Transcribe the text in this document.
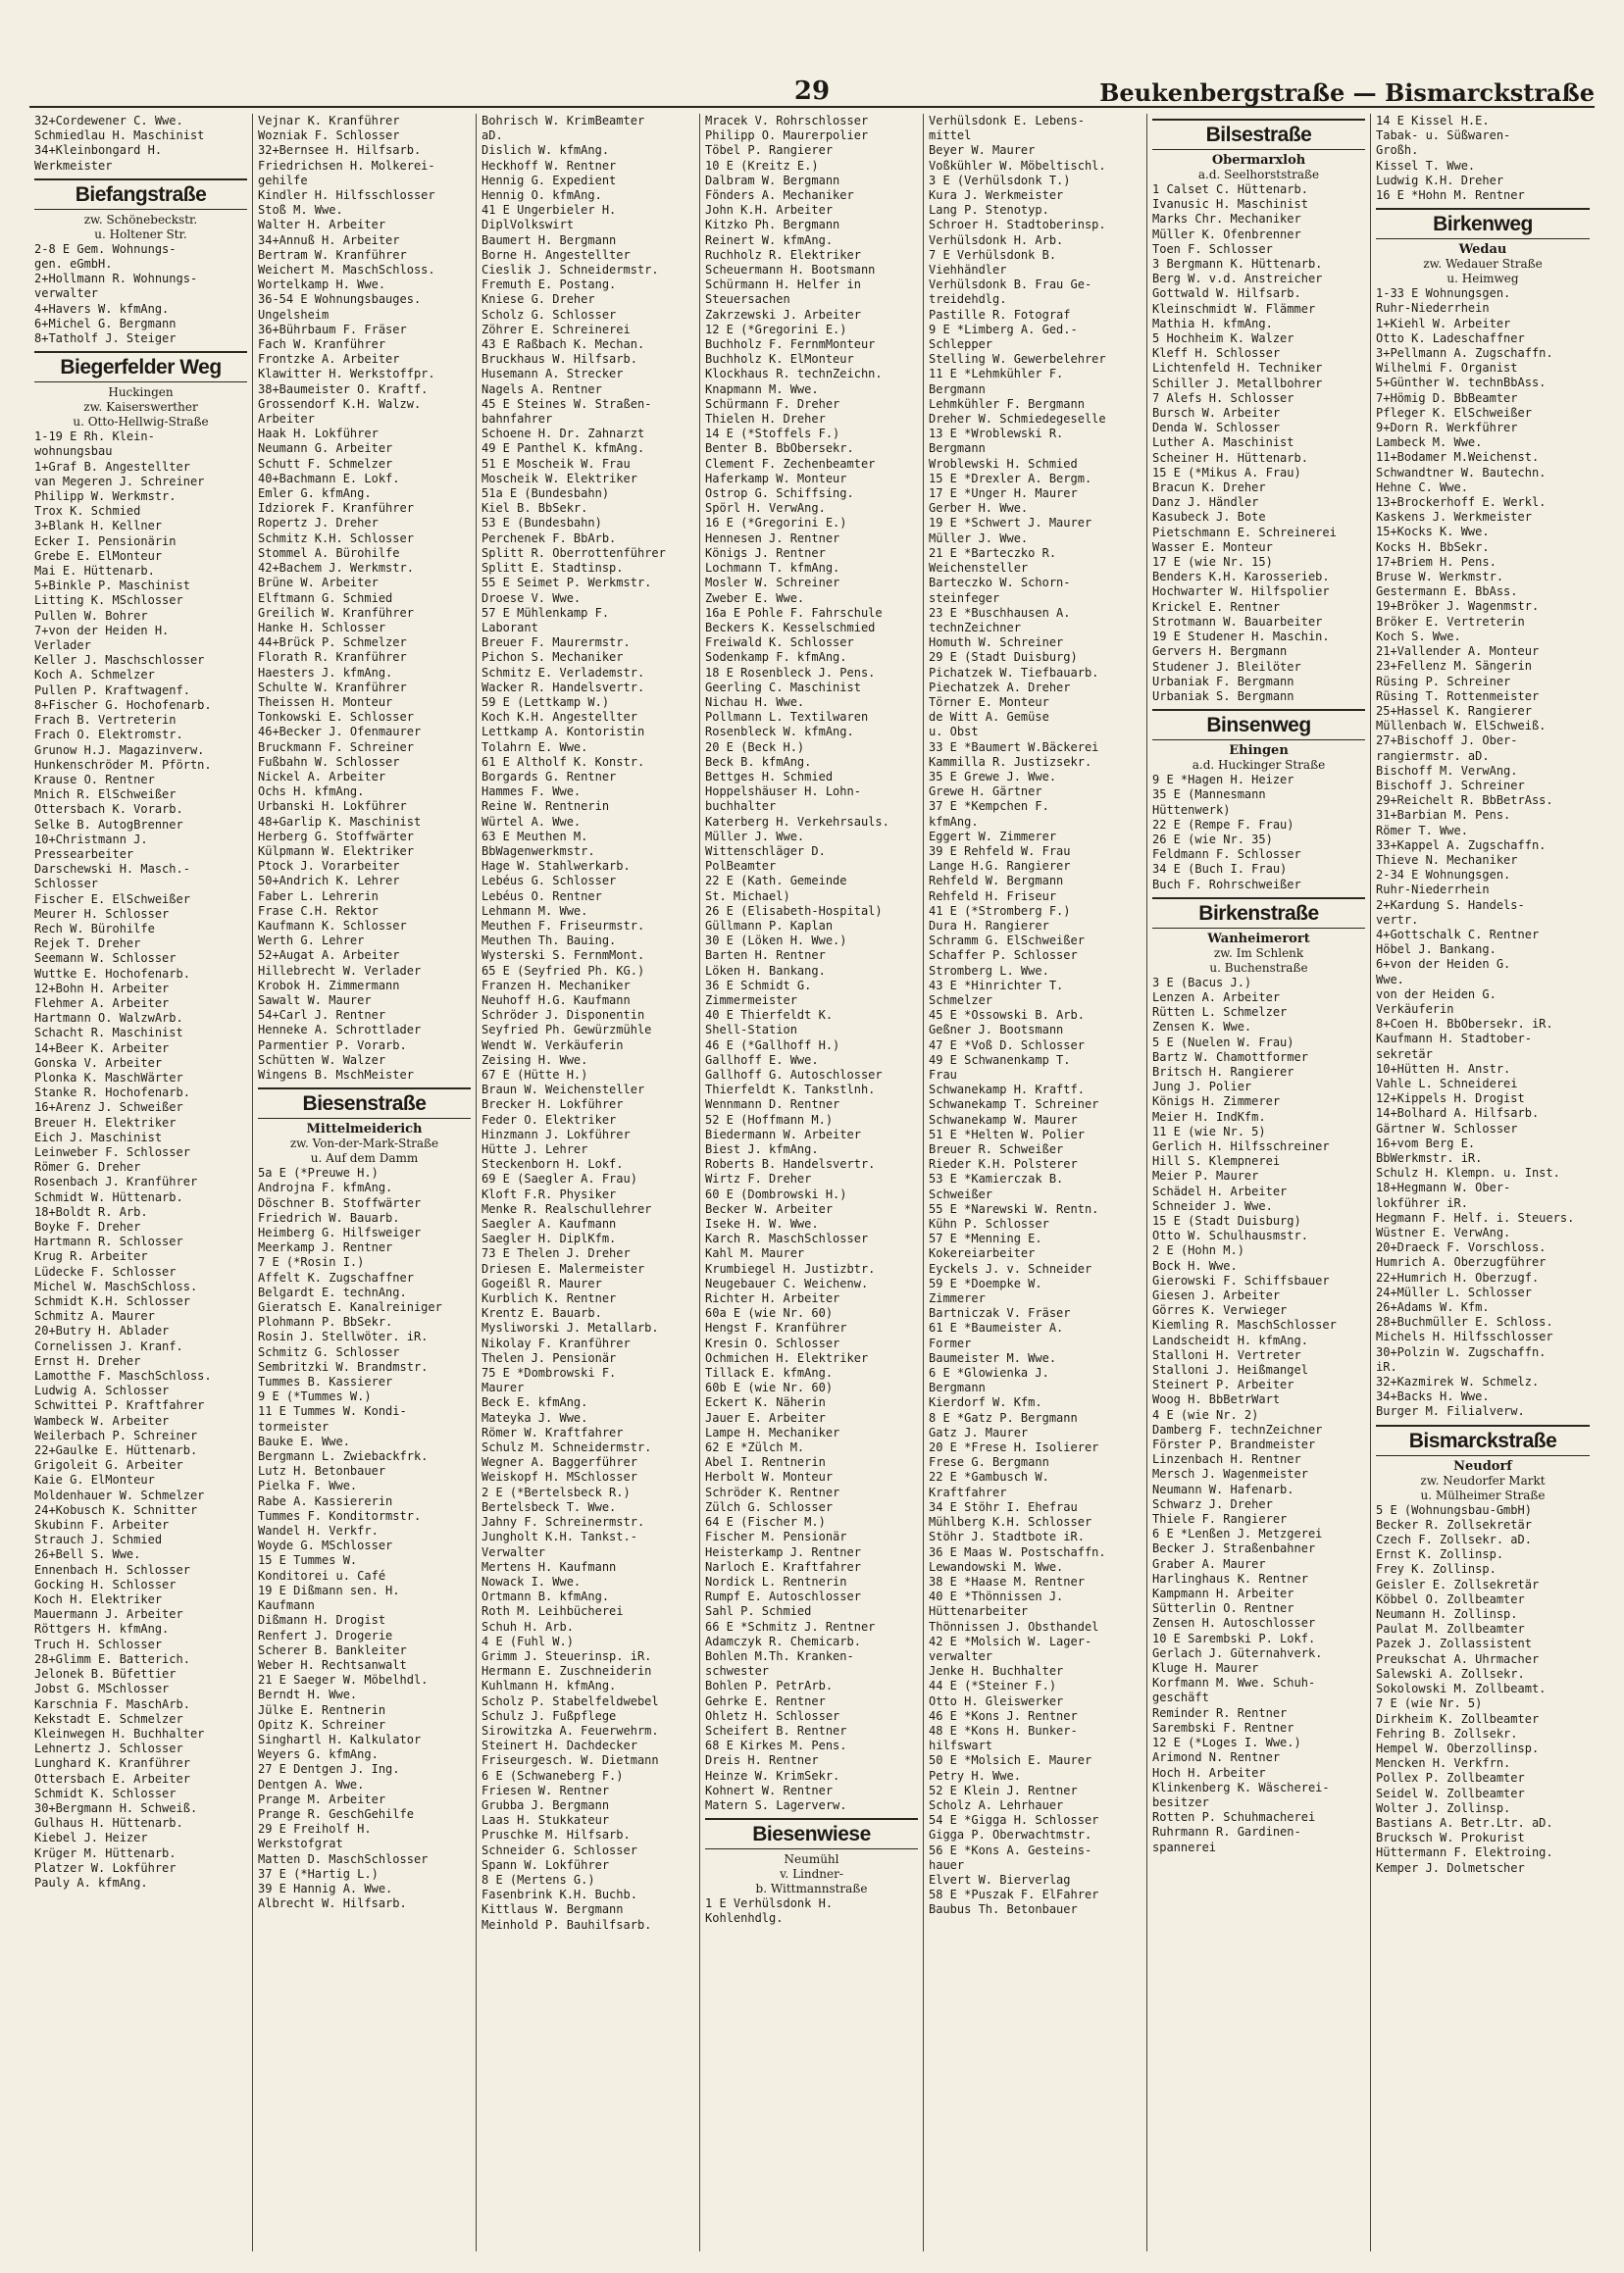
29	Beukenbergstraße — Bismarckstraße
32+Cordewener C. Wwe.
Schmiedlau H. Maschinist
34+Kleinbongard H.
Werkmeister
Biefangstraße
zw. Schönebeckstr.
u. Holtener Str.
2-8 E Gem. Wohnungs-
gen. eGmbH.
2+Hollmann R. Wohnungs-
verwalter
4+Havers W. kfmAng.
6+Michel G. Bergmann
8+Tatholf J. Steiger
Biegerfelder Weg
Huckingen
zw. Kaiserswerther
u. Otto-Hellwig-Straße
1-19 E Rh. Klein-
wohnungsbau
1+Graf B. Angestellter
van Megeren J. Schreiner
Philipp W. Werkmstr.
Trox K. Schmied
3+Blank H. Kellner
Ecker I. Pensionärin
Grebe E. ElMonteur
Mai E. Hüttenarb.
5+Binkle P. Maschinist
Litting K. MSchlosser
Pullen W. Bohrer
7+von der Heiden H.
Verlader
Keller J. Maschschlosser
Koch A. Schmelzer
Pullen P. Kraftwagenf.
8+Fischer G. Hochofenarb.
Frach B. Vertreterin
Frach O. Elektromstr.
Grunow H.J. Magazinverw.
Hunkenschröder M. Pförtn.
Krause O. Rentner
Mnich R. ElSchweißer
Ottersbach K. Vorarb.
Selke B. AutogBrenner
10+Christmann J.
Pressearbeiter
Darschewski H. Masch.-
Schlosser
Fischer E. ElSchweißer
Meurer H. Schlosser
Rech W. Bürohilfe
Rejek T. Dreher
Seemann W. Schlosser
Wuttke E. Hochofenarb.
12+Bohn H. Arbeiter
Flehmer A. Arbeiter
Hartmann O. WalzwArb.
Schacht R. Maschinist
14+Beer K. Arbeiter
Gonska V. Arbeiter
Plonka K. MaschWärter
Stanke R. Hochofenarb.
16+Arenz J. Schweißer
Breuer H. Elektriker
Eich J. Maschinist
Leinweber F. Schlosser
Römer G. Dreher
Rosenbach J. Kranführer
Schmidt W. Hüttenarb.
18+Boldt R. Arb.
Boyke F. Dreher
Hartmann R. Schlosser
Krug R. Arbeiter
Lüdecke F. Schlosser
Michel W. MaschSchloss.
Schmidt K.H. Schlosser
Schmitz A. Maurer
20+Butry H. Ablader
Cornelissen J. Kranf.
Ernst H. Dreher
Lamotthe F. MaschSchloss.
Ludwig A. Schlosser
Schwittei P. Kraftfahrer
Wambeck W. Arbeiter
Weilerbach P. Schreiner
22+Gaulke E. Hüttenarb.
Grigoleit G. Arbeiter
Kaie G. ElMonteur
Moldenhauer W. Schmelzer
24+Kobusch K. Schnitter
Skubinn F. Arbeiter
Strauch J. Schmied
26+Bell S. Wwe.
Ennenbach H. Schlosser
Gocking H. Schlosser
Koch H. Elektriker
Mauermann J. Arbeiter
Röttgers H. kfmAng.
Truch H. Schlosser
28+Glimm E. Batterich.
Jelonek B. Büfettier
Jobst G. MSchlosser
Karschnia F. MaschArb.
Kekstadt E. Schmelzer
Kleinwegen H. Buchhalter
Lehnertz J. Schlosser
Lunghard K. Kranführer
Ottersbach E. Arbeiter
Schmidt K. Schlosser
30+Bergmann H. Schweiß.
Gulhaus H. Hüttenarb.
Kiebel J. Heizer
Krüger M. Hüttenarb.
Platzer W. Lokführer
Pauly A. kfmAng.
Vejnar K. Kranführer
Wozniak F. Schlosser
32+Bernsee H. Hilfsarb.
Friedrichsen H. Molkerei-
gehilfe
Kindler H. Hilfsschlosser
Stoß M. Wwe.
Walter H. Arbeiter
34+Annuß H. Arbeiter
Bertram W. Kranführer
Weichert M. MaschSchloss.
Wortelkamp H. Wwe.
36-54 E Wohnungsbauges.
Ungelsheim
36+Bührbaum F. Fräser
Fach W. Kranführer
Frontzke A. Arbeiter
Klawitter H. Werkstoffpr.
38+Baumeister O. Kraftf.
Grossendorf K.H. Walzw.
Arbeiter
Haak H. Lokführer
Neumann G. Arbeiter
Schutt F. Schmelzer
40+Bachmann E. Lokf.
Emler G. kfmAng.
Idziorek F. Kranführer
Ropertz J. Dreher
Schmitz K.H. Schlosser
Stommel A. Bürohilfe
42+Bachem J. Werkmstr.
Brüne W. Arbeiter
Elftmann G. Schmied
Greilich W. Kranführer
Hanke H. Schlosser
44+Brück P. Schmelzer
Florath R. Kranführer
Haesters J. kfmAng.
Schulte W. Kranführer
Theissen H. Monteur
Tonkowski E. Schlosser
46+Becker J. Ofenmaurer
Bruckmann F. Schreiner
Fußbahn W. Schlosser
Nickel A. Arbeiter
Ochs H. kfmAng.
Urbanski H. Lokführer
48+Garlip K. Maschinist
Herberg G. Stoffwärter
Külpmann W. Elektriker
Ptock J. Vorarbeiter
50+Andrich K. Lehrer
Faber L. Lehrerin
Frase C.H. Rektor
Kaufmann K. Schlosser
Werth G. Lehrer
52+Augat A. Arbeiter
Hillebrecht W. Verlader
Krobok H. Zimmermann
Sawalt W. Maurer
54+Carl J. Rentner
Henneke A. Schrottlader
Parmentier P. Vorarb.
Schütten W. Walzer
Wingens B. MschMeister
Biesenstraße
Mittelmeiderich
zw. Von-der-Mark-Straße
u. Auf dem Damm
5a E (*Preuwe H.)
Androjna F. kfmAng.
Döschner B. Stoffwärter
Friedrich W. Bauarb.
Heimberg G. Hilfsweiger
Meerkamp J. Rentner
7 E (*Rosin I.)
Affelt K. Zugschaffner
Belgardt E. technAng.
Gieratsch E. Kanalreiniger
Plohmann P. BbSekr.
Rosin J. Stellwöter. iR.
Schmitz G. Schlosser
Sembritzki W. Brandmstr.
Tummes B. Kassierer
9 E (*Tummes W.)
11 E Tummes W. Kondi-
tormeister
Bauke E. Wwe.
Bergmann L. Zwiebackfrk.
Lutz H. Betonbauer
Pielka F. Wwe.
Rabe A. Kassiererin
Tummes F. Konditormstr.
Wandel H. Verkfr.
Woyde G. MSchlosser
15 E Tummes W.
Konditorei u. Café
19 E Dißmann sen. H.
Kaufmann
Dißmann H. Drogist
Renfert J. Drogerie
Scherer B. Bankleiter
Weber H. Rechtsanwalt
21 E Saeger W. Möbelhdl.
Berndt H. Wwe.
Jülke E. Rentnerin
Opitz K. Schreiner
Singhartl H. Kalkulator
Weyers G. kfmAng.
27 E Dentgen J. Ing.
Dentgen A. Wwe.
Prange M. Arbeiter
Prange R. GeschGehilfe
29 E Freiholf H.
Werkstofgrat
Matten D. MaschSchlosser
37 E (*Hartig L.)
39 E Hannig A. Wwe.
Albrecht W. Hilfsarb.
Bohrisch W. KrimBeamter
aD.
Dislich W. kfmAng.
Heckhoff W. Rentner
Hennig G. Expedient
Hennig O. kfmAng.
41 E Ungerbieler H.
DiplVolkswirt
Baumert H. Bergmann
Borne H. Angestellter
Cieslik J. Schneidermstr.
Fremuth E. Postang.
Kniese G. Dreher
Scholz G. Schlosser
Zöhrer E. Schreinerei
43 E Raßbach K. Mechan.
Bruckhaus W. Hilfsarb.
Husemann A. Strecker
Nagels A. Rentner
45 E Steines W. Straßen-
bahnfahrer
Schoene H. Dr. Zahnarzt
49 E Panthel K. kfmAng.
51 E Moscheik W. Frau
Moscheik W. Elektriker
51a E (Bundesbahn)
Kiel B. BbSekr.
53 E (Bundesbahn)
Perchenek F. BbArb.
Splitt R. Oberrottenführer
Splitt E. Stadtinsp.
55 E Seimet P. Werkmstr.
Droese V. Wwe.
57 E Mühlenkamp F.
Laborant
Breuer F. Maurermstr.
Pichon S. Mechaniker
Schmitz E. Verlademstr.
Wacker R. Handelsvertr.
59 E (Lettkamp W.)
Koch K.H. Angestellter
Lettkamp A. Kontoristin
Tolahrn E. Wwe.
61 E Altholf K. Konstr.
Borgards G. Rentner
Hammes F. Wwe.
Reine W. Rentnerin
Würtel A. Wwe.
63 E Meuthen M.
BbWagenwerkmstr.
Hage W. Stahlwerkarb.
Lebéus G. Schlosser
Lebéus O. Rentner
Lehmann M. Wwe.
Meuthen F. Friseurmstr.
Meuthen Th. Bauing.
Wysterski S. FernmMont.
65 E (Seyfried Ph. KG.)
Franzen H. Mechaniker
Neuhoff H.G. Kaufmann
Schröder J. Disponentin
Seyfried Ph. Gewürzmühle
Wendt W. Verkäuferin
Zeising H. Wwe.
67 E (Hütte H.)
Braun W. Weichensteller
Brecker H. Lokführer
Feder O. Elektriker
Hinzmann J. Lokführer
Hütte J. Lehrer
Steckenborn H. Lokf.
69 E (Saegler A. Frau)
Kloft F.R. Physiker
Menke R. Realschullehrer
Saegler A. Kaufmann
Saegler H. DiplKfm.
73 E Thelen J. Dreher
Driesen E. Malermeister
Gogeißl R. Maurer
Kurblich K. Rentner
Krentz E. Bauarb.
Mysliworski J. Metallarb.
Nikolay F. Kranführer
Thelen J. Pensionär
75 E *Dombrowski F.
Maurer
Beck E. kfmAng.
Mateyka J. Wwe.
Römer W. Kraftfahrer
Schulz M. Schneidermstr.
Wegner A. Baggerführer
Weiskopf H. MSchlosser
2 E (*Bertelsbeck R.)
Bertelsbeck T. Wwe.
Jahny F. Schreinermstr.
Jungholt K.H. Tankst.-
Verwalter
Mertens H. Kaufmann
Nowack I. Wwe.
Ortmann B. kfmAng.
Roth M. Leihbücherei
Schuh H. Arb.
4 E (Fuhl W.)
Grimm J. Steuerinsp. iR.
Hermann E. Zuschneiderin
Kuhlmann H. kfmAng.
Scholz P. Stabelfeldwebel
Schulz J. Fußpflege
Sirowitzka A. Feuerwehrm.
Steinert H. Dachdecker
Friseurgesch. W. Dietmann
6 E (Schwaneberg F.)
Friesen W. Rentner
Grubba J. Bergmann
Laas H. Stukkateur
Pruschke M. Hilfsarb.
Schneider G. Schlosser
Spann W. Lokführer
8 E (Mertens G.)
Fasenbrink K.H. Buchb.
Kittlaus W. Bergmann
Meinhold P. Bauhilfsarb.
Mracek V. Rohrschlosser
Philipp O. Maurerpolier
Töbel P. Rangierer
10 E (Kreitz E.)
Dalbram W. Bergmann
Fönders A. Mechaniker
John K.H. Arbeiter
Kitzko Ph. Bergmann
Reinert W. kfmAng.
Ruchholz R. Elektriker
Scheuermann H. Bootsmann
Schürmann H. Helfer in
Steuersachen
Zakrzewski J. Arbeiter
12 E (*Gregorini E.)
Buchholz F. FernmMonteur
Buchholz K. ElMonteur
Klockhaus R. technZeichn.
Knapmann M. Wwe.
Schürmann F. Dreher
Thielen H. Dreher
14 E (*Stoffels F.)
Benter B. BbObersekr.
Clement F. Zechenbeamter
Haferkamp W. Monteur
Ostrop G. Schiffsing.
Spörl H. VerwAng.
16 E (*Gregorini E.)
Hennesen J. Rentner
Königs J. Rentner
Lochmann T. kfmAng.
Mosler W. Schreiner
Zweber E. Wwe.
16a E Pohle F. Fahrschule
Beckers K. Kesselschmied
Freiwald K. Schlosser
Sodenkamp F. kfmAng.
18 E Rosenbleck J. Pens.
Geerling C. Maschinist
Nichau H. Wwe.
Pollmann L. Textilwaren
Rosenbleck W. kfmAng.
20 E (Beck H.)
Beck B. kfmAng.
Bettges H. Schmied
Hoppelshäuser H. Lohn-
buchhalter
Katerberg H. Verkehrsauls.
Müller J. Wwe.
Wittenschläger D.
PolBeamter
22 E (Kath. Gemeinde
St. Michael)
26 E (Elisabeth-Hospital)
Güllmann P. Kaplan
30 E (Löken H. Wwe.)
Barten H. Rentner
Löken H. Bankang.
36 E Schmidt G.
Zimmermeister
40 E Thierfeldt K.
Shell-Station
46 E (*Gallhoff H.)
Gallhoff E. Wwe.
Gallhoff G. Autoschlosser
Thierfeldt K. Tankstlnh.
Wennmann D. Rentner
52 E (Hoffmann M.)
Biedermann W. Arbeiter
Biest J. kfmAng.
Roberts B. Handelsvertr.
Wirtz F. Dreher
60 E (Dombrowski H.)
Becker W. Arbeiter
Iseke H. W. Wwe.
Karch R. MaschSchlosser
Kahl M. Maurer
Krumbiegel H. Justizbtr.
Neugebauer C. Weichenw.
Richter H. Arbeiter
60a E (wie Nr. 60)
Hengst F. Kranführer
Kresin O. Schlosser
Ochmichen H. Elektriker
Tillack E. kfmAng.
60b E (wie Nr. 60)
Eckert K. Näherin
Jauer E. Arbeiter
Lampe H. Mechaniker
62 E *Zülch M.
Abel I. Rentnerin
Herbolt W. Monteur
Schröder K. Rentner
Zülch G. Schlosser
64 E (Fischer M.)
Fischer M. Pensionär
Heisterkamp J. Rentner
Narloch E. Kraftfahrer
Nordick L. Rentnerin
Rumpf E. Autoschlosser
Sahl P. Schmied
66 E *Schmitz J. Rentner
Adamczyk R. Chemicarb.
Bohlen M.Th. Kranken-
schwester
Bohlen P. PetrArb.
Gehrke E. Rentner
Ohletz H. Schlosser
Scheifert B. Rentner
68 E Kirkes M. Pens.
Dreis H. Rentner
Heinze W. KrimSekr.
Kohnert W. Rentner
Matern S. Lagerverw.
Biesenwiese
Neumühl
v. Lindner-
b. Wittmannstraße
1 E Verhülsdonk H.
Kohlenhdlg.
Verhülsdonk E. Lebens-
mittel
Beyer W. Maurer
Voßkühler W. Möbeltischl.
3 E (Verhülsdonk T.)
Kura J. Werkmeister
Lang P. Stenotyp.
Schroer H. Stadtoberinsp.
Verhülsdonk H. Arb.
7 E Verhülsdonk B.
Viehhändler
Verhülsdonk B. Frau Ge-
treidehdlg.
Pastille R. Fotograf
9 E *Limberg A. Ged.-
Schlepper
Stelling W. Gewerbelehrer
11 E *Lehmkühler F.
Bergmann
Lehmkühler F. Bergmann
Dreher W. Schmiedegeselle
13 E *Wroblewski R.
Bergmann
Wroblewski H. Schmied
15 E *Drexler A. Bergm.
17 E *Unger H. Maurer
Gerber H. Wwe.
19 E *Schwert J. Maurer
Müller J. Wwe.
21 E *Barteczko R.
Weichensteller
Barteczko W. Schorn-
steinfeger
23 E *Buschhausen A.
technZeichner
Homuth W. Schreiner
29 E (Stadt Duisburg)
Pichatzek W. Tiefbauarb.
Piechatzek A. Dreher
Törner E. Monteur
de Witt A. Gemüse
u. Obst
33 E *Baumert W.Bäckerei
Kammilla R. Justizsekr.
35 E Grewe J. Wwe.
Grewe H. Gärtner
37 E *Kempchen F.
kfmAng.
Eggert W. Zimmerer
39 E Rehfeld W. Frau
Lange H.G. Rangierer
Rehfeld W. Bergmann
Rehfeld H. Friseur
41 E (*Stromberg F.)
Dura H. Rangierer
Schramm G. ElSchweißer
Schaffer P. Schlosser
Stromberg L. Wwe.
43 E *Hinrichter T.
Schmelzer
45 E *Ossowski B. Arb.
Geßner J. Bootsmann
47 E *Voß D. Schlosser
49 E Schwanenkamp T.
Frau
Schwanekamp H. Kraftf.
Schwanekamp T. Schreiner
Schwanekamp W. Maurer
51 E *Helten W. Polier
Breuer R. Schweißer
Rieder K.H. Polsterer
53 E *Kamierczak B.
Schweißer
55 E *Narewski W. Rentn.
Kühn P. Schlosser
57 E *Menning E.
Kokereiarbeiter
Eyckels J. v. Schneider
59 E *Doempke W.
Zimmerer
Bartniczak V. Fräser
61 E *Baumeister A.
Former
Baumeister M. Wwe.
6 E *Glowienka J.
Bergmann
Kierdorf W. Kfm.
8 E *Gatz P. Bergmann
Gatz J. Maurer
20 E *Frese H. Isolierer
Frese G. Bergmann
22 E *Gambusch W.
Kraftfahrer
34 E Stöhr I. Ehefrau
Mühlberg K.H. Schlosser
Stöhr J. Stadtbote iR.
36 E Maas W. Postschaffn.
Lewandowski M. Wwe.
38 E *Haase M. Rentner
40 E *Thönnissen J.
Hüttenarbeiter
Thönnissen J. Obsthandel
42 E *Molsich W. Lager-
verwalter
Jenke H. Buchhalter
44 E (*Steiner F.)
Otto H. Gleiswerker
46 E *Kons J. Rentner
48 E *Kons H. Bunker-
hilfswart
50 E *Molsich E. Maurer
Petry H. Wwe.
52 E Klein J. Rentner
Scholz A. Lehrhauer
54 E *Gigga H. Schlosser
Gigga P. Oberwachtmstr.
56 E *Kons A. Gesteins-
hauer
Elvert W. Bierverlag
58 E *Puszak F. ElFahrer
Baubus Th. Betonbauer
Bilsestraße
Obermarxloh
a.d. Seelhorststraße
1 Calset C. Hüttenarb.
Ivanusic H. Maschinist
Marks Chr. Mechaniker
Müller K. Ofenbrenner
Toen F. Schlosser
3 Bergmann K. Hüttenarb.
Berg W. v.d. Anstreicher
Gottwald W. Hilfsarb.
Kleinschmidt W. Flämmer
Mathia H. kfmAng.
5 Hochheim K. Walzer
Kleff H. Schlosser
Lichtenfeld H. Techniker
Schiller J. Metallbohrer
7 Alefs H. Schlosser
Bursch W. Arbeiter
Denda W. Schlosser
Luther A. Maschinist
Scheiner H. Hüttenarb.
15 E (*Mikus A. Frau)
Bracun K. Dreher
Danz J. Händler
Kasubeck J. Bote
Pietschmann E. Schreinerei
Wasser E. Monteur
17 E (wie Nr. 15)
Benders K.H. Karosserieb.
Hochwarter W. Hilfspolier
Krickel E. Rentner
Strotmann W. Bauarbeiter
19 E Studener H. Maschin.
Gervers H. Bergmann
Studener J. Bleilöter
Urbaniak F. Bergmann
Urbaniak S. Bergmann
Binsenweg
Ehingen
a.d. Huckinger Straße
9 E *Hagen H. Heizer
35 E (Mannesmann
Hüttenwerk)
22 E (Rempe F. Frau)
26 E (wie Nr. 35)
Feldmann F. Schlosser
34 E (Buch I. Frau)
Buch F. Rohrschweißer
Birkenstraße
Wanheimerort
zw. Im Schlenk
u. Buchenstraße
3 E (Bacus J.)
Lenzen A. Arbeiter
Rütten L. Schmelzer
Zensen K. Wwe.
5 E (Nuelen W. Frau)
Bartz W. Chamottformer
Britsch H. Rangierer
Jung J. Polier
Königs H. Zimmerer
Meier H. IndKfm.
11 E (wie Nr. 5)
Gerlich H. Hilfsschreiner
Hill S. Klempnerei
Meier P. Maurer
Schädel H. Arbeiter
Schneider J. Wwe.
15 E (Stadt Duisburg)
Otto W. Schulhausmstr.
2 E (Hohn M.)
Bock H. Wwe.
Gierowski F. Schiffsbauer
Giesen J. Arbeiter
Görres K. Verwieger
Kiemling R. MaschSchlosser
Landscheidt H. kfmAng.
Stalloni H. Vertreter
Stalloni J. Heißmangel
Steinert P. Arbeiter
Woog H. BbBetrWart
4 E (wie Nr. 2)
Damberg F. technZeichner
Förster P. Brandmeister
Linzenbach H. Rentner
Mersch J. Wagenmeister
Neumann W. Hafenarb.
Schwarz J. Dreher
Thiele F. Rangierer
6 E *Lenßen J. Metzgerei
Becker J. Straßenbahner
Graber A. Maurer
Harlinghaus K. Rentner
Kampmann H. Arbeiter
Sütterlin O. Rentner
Zensen H. Autoschlosser
10 E Sarembski P. Lokf.
Gerlach J. Güternahverk.
Kluge H. Maurer
Korfmann M. Wwe. Schuh-
geschäft
Reminder R. Rentner
Sarembski F. Rentner
12 E (*Loges I. Wwe.)
Arimond N. Rentner
Hoch H. Arbeiter
Klinkenberg K. Wäscherei-
besitzer
Rotten P. Schuhmacherei
Ruhrmann R. Gardinen-
spannerei
14 E Kissel H.E.
Tabak- u. Süßwaren-
Großh.
Kissel T. Wwe.
Ludwig K.H. Dreher
16 E *Hohn M. Rentner
Birkenweg
Wedau
zw. Wedauer Straße
u. Heimweg
1-33 E Wohnungsgen.
Ruhr-Niederrhein
1+Kiehl W. Arbeiter
Otto K. Ladeschaffner
3+Pellmann A. Zugschaffn.
Wilhelmi F. Organist
5+Günther W. technBbAss.
7+Hömig D. BbBeamter
Pfleger K. ElSchweißer
9+Dorn R. Werkführer
Lambeck M. Wwe.
11+Bodamer M.Weichenst.
Schwandtner W. Bautechn.
Hehne C. Wwe.
13+Brockerhoff E. Werkl.
Kaskens J. Werkmeister
15+Kocks K. Wwe.
Kocks H. BbSekr.
17+Briem H. Pens.
Bruse W. Werkmstr.
Gestermann E. BbAss.
19+Bröker J. Wagenmstr.
Bröker E. Vertreterin
Koch S. Wwe.
21+Vallender A. Monteur
23+Fellenz M. Sängerin
Rüsing P. Schreiner
Rüsing T. Rottenmeister
25+Hassel K. Rangierer
Müllenbach W. ElSchweiß.
27+Bischoff J. Ober-
rangiermstr. aD.
Bischoff M. VerwAng.
Bischoff J. Schreiner
29+Reichelt R. BbBetrAss.
31+Barbian M. Pens.
Römer T. Wwe.
33+Kappel A. Zugschaffn.
Thieve N. Mechaniker
2-34 E Wohnungsgen.
Ruhr-Niederrhein
2+Kardung S. Handels-
vertr.
4+Gottschalk C. Rentner
Höbel J. Bankang.
6+von der Heiden G.
Wwe.
von der Heiden G.
Verkäuferin
8+Coen H. BbObersekr. iR.
Kaufmann H. Stadtober-
sekretär
10+Hütten H. Anstr.
Vahle L. Schneiderei
12+Kippels H. Drogist
14+Bolhard A. Hilfsarb.
Gärtner W. Schlosser
16+vom Berg E.
BbWerkmstr. iR.
Schulz H. Klempn. u. Inst.
18+Hegmann W. Ober-
lokführer iR.
Hegmann F. Helf. i. Steuers.
Wüstner E. VerwAng.
20+Draeck F. Vorschloss.
Humrich A. Oberzugführer
22+Humrich H. Oberzugf.
24+Müller L. Schlosser
26+Adams W. Kfm.
28+Buchmüller E. Schloss.
Michels H. Hilfsschlosser
30+Polzin W. Zugschaffn.
iR.
32+Kazmirek W. Schmelz.
34+Backs H. Wwe.
Burger M. Filialverw.
Bismarckstraße
Neudorf
zw. Neudorfer Markt
u. Mülheimer Straße
5 E (Wohnungsbau-GmbH)
Becker R. Zollsekretär
Czech F. Zollsekr. aD.
Ernst K. Zollinsp.
Frey K. Zollinsp.
Geisler E. Zollsekretär
Köbbel O. Zollbeamter
Neumann H. Zollinsp.
Paulat M. Zollbeamter
Pazek J. Zollassistent
Preukschat A. Uhrmacher
Salewski A. Zollsekr.
Sokolowski M. Zollbeamt.
7 E (wie Nr. 5)
Dirkheim K. Zollbeamter
Fehring B. Zollsekr.
Hempel W. Oberzollinsp.
Mencken H. Verkfrn.
Pollex P. Zollbeamter
Seidel W. Zollbeamter
Wolter J. Zollinsp.
Bastians A. Betr.Ltr. aD.
Brucksch W. Prokurist
Hüttermann F. Elektroing.
Kemper J. Dolmetscher
